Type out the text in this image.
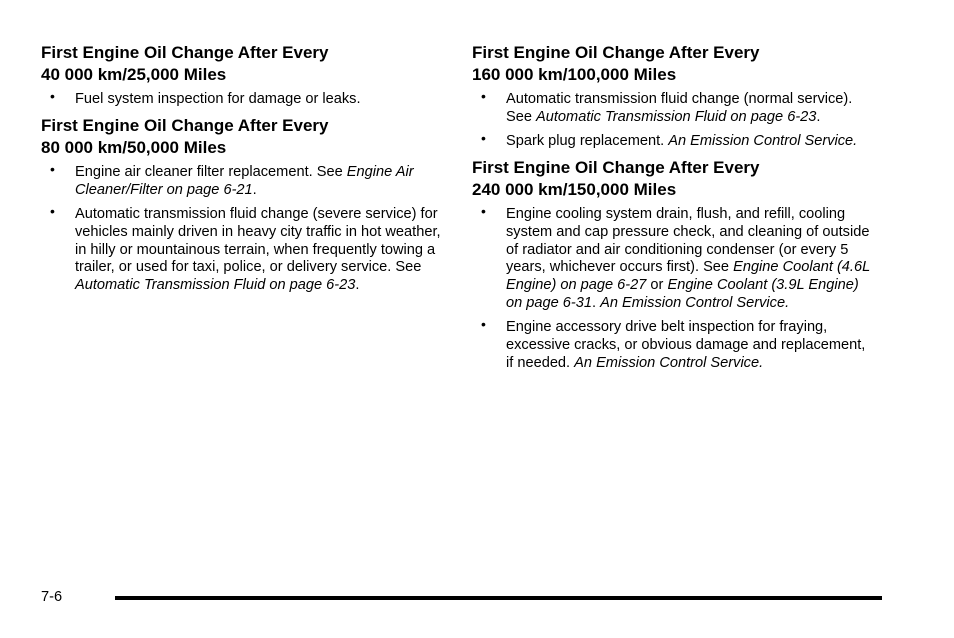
First Engine Oil Change After Every
40 000 km/25,000 Miles
• Fuel system inspection for damage or leaks.
First Engine Oil Change After Every
80 000 km/50,000 Miles
• Engine air cleaner filter replacement. See Engine Air Cleaner/Filter on page 6-21.
• Automatic transmission fluid change (severe service) for vehicles mainly driven in heavy city traffic in hot weather, in hilly or mountainous terrain, when frequently towing a trailer, or used for taxi, police, or delivery service. See Automatic Transmission Fluid on page 6-23.
First Engine Oil Change After Every
160 000 km/100,000 Miles
• Automatic transmission fluid change (normal service). See Automatic Transmission Fluid on page 6-23.
• Spark plug replacement. An Emission Control Service.
First Engine Oil Change After Every
240 000 km/150,000 Miles
• Engine cooling system drain, flush, and refill, cooling system and cap pressure check, and cleaning of outside of radiator and air conditioning condenser (or every 5 years, whichever occurs first). See Engine Coolant (4.6L Engine) on page 6-27 or Engine Coolant (3.9L Engine) on page 6-31. An Emission Control Service.
• Engine accessory drive belt inspection for fraying, excessive cracks, or obvious damage and replacement, if needed. An Emission Control Service.
7-6
